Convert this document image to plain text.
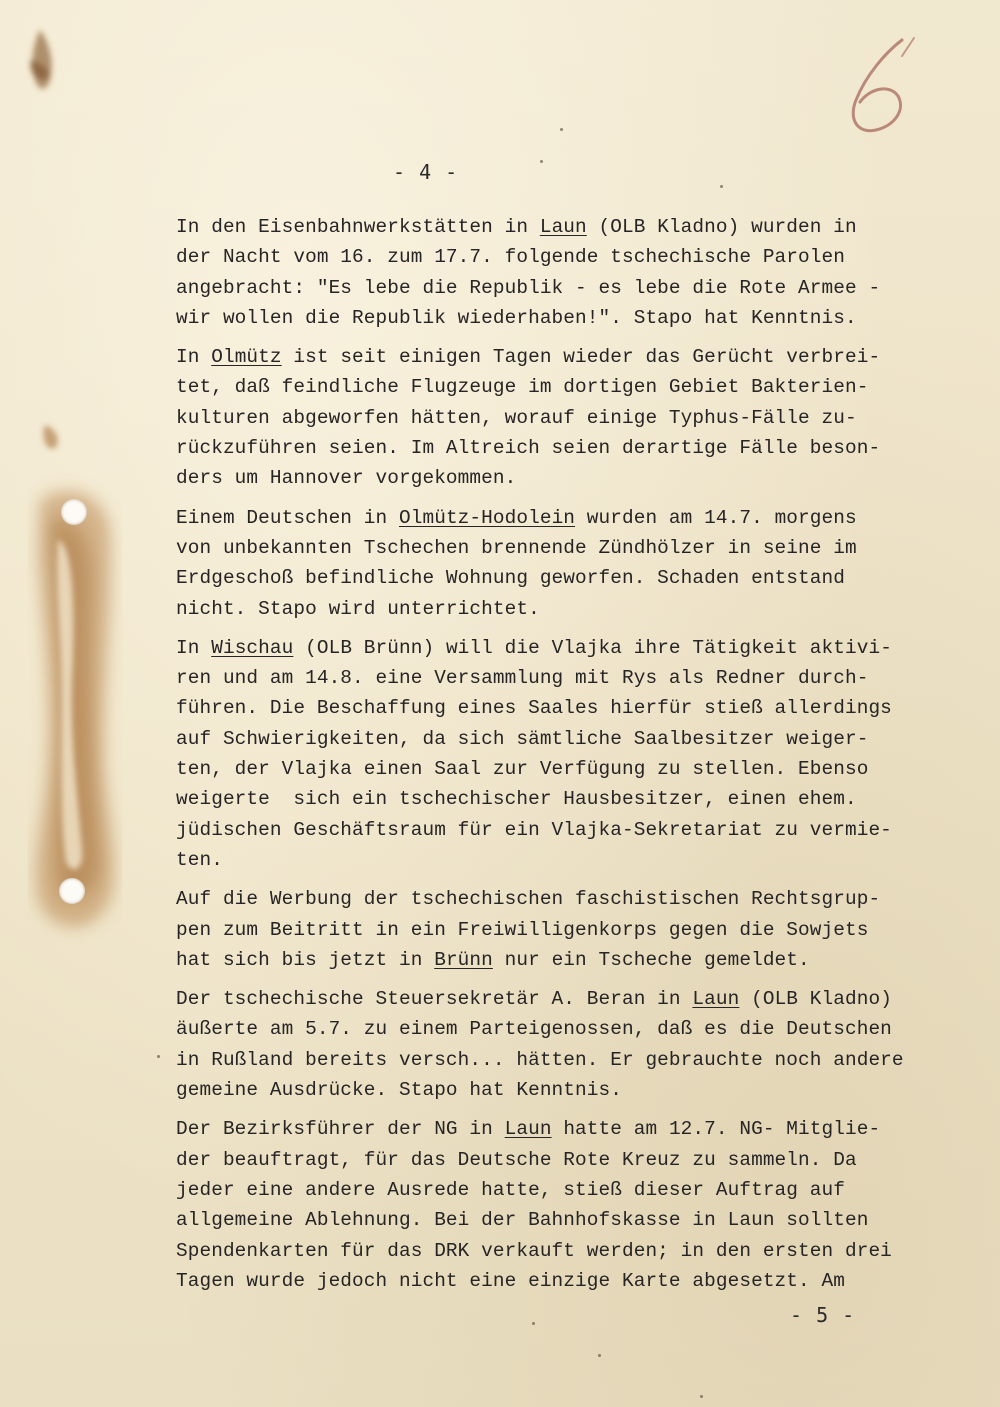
- 4 -
In den Eisenbahnwerkstätten in Laun (OLB Kladno) wurden in
der Nacht vom 16. zum 17.7. folgende tschechische Parolen
angebracht: "Es lebe die Republik - es lebe die Rote Armee -
wir wollen die Republik wiederhaben!". Stapo hat Kenntnis.
In Olmütz ist seit einigen Tagen wieder das Gerücht verbrei-
tet, daß feindliche Flugzeuge im dortigen Gebiet Bakterien-
kulturen abgeworfen hätten, worauf einige Typhus-Fälle zu-
rückzuführen seien. Im Altreich seien derartige Fälle beson-
ders um Hannover vorgekommen.
Einem Deutschen in Olmütz-Hodolein wurden am 14.7. morgens
von unbekannten Tschechen brennende Zündhölzer in seine im
Erdgeschoß befindliche Wohnung geworfen. Schaden entstand
nicht. Stapo wird unterrichtet.
In Wischau (OLB Brünn) will die Vlajka ihre Tätigkeit aktivi-
ren und am 14.8. eine Versammlung mit Rys als Redner durch-
führen. Die Beschaffung eines Saales hierfür stieß allerdings
auf Schwierigkeiten, da sich sämtliche Saalbesitzer weiger-
ten, der Vlajka einen Saal zur Verfügung zu stellen. Ebenso
weigerte  sich ein tschechischer Hausbesitzer, einen ehem.
jüdischen Geschäftsraum für ein Vlajka-Sekretariat zu vermie-
ten.
Auf die Werbung der tschechischen faschistischen Rechtsgrup-
pen zum Beitritt in ein Freiwilligenkorps gegen die Sowjets
hat sich bis jetzt in Brünn nur ein Tscheche gemeldet.
Der tschechische Steuersekretär A. Beran in Laun (OLB Kladno)
äußerte am 5.7. zu einem Parteigenossen, daß es die Deutschen
in Rußland bereits versch... hätten. Er gebrauchte noch andere
gemeine Ausdrücke. Stapo hat Kenntnis.
Der Bezirksführer der NG in Laun hatte am 12.7. NG- Mitglie-
der beauftragt, für das Deutsche Rote Kreuz zu sammeln. Da
jeder eine andere Ausrede hatte, stieß dieser Auftrag auf
allgemeine Ablehnung. Bei der Bahnhofskasse in Laun sollten
Spendenkarten für das DRK verkauft werden; in den ersten drei
Tagen wurde jedoch nicht eine einzige Karte abgesetzt. Am
- 5 -
